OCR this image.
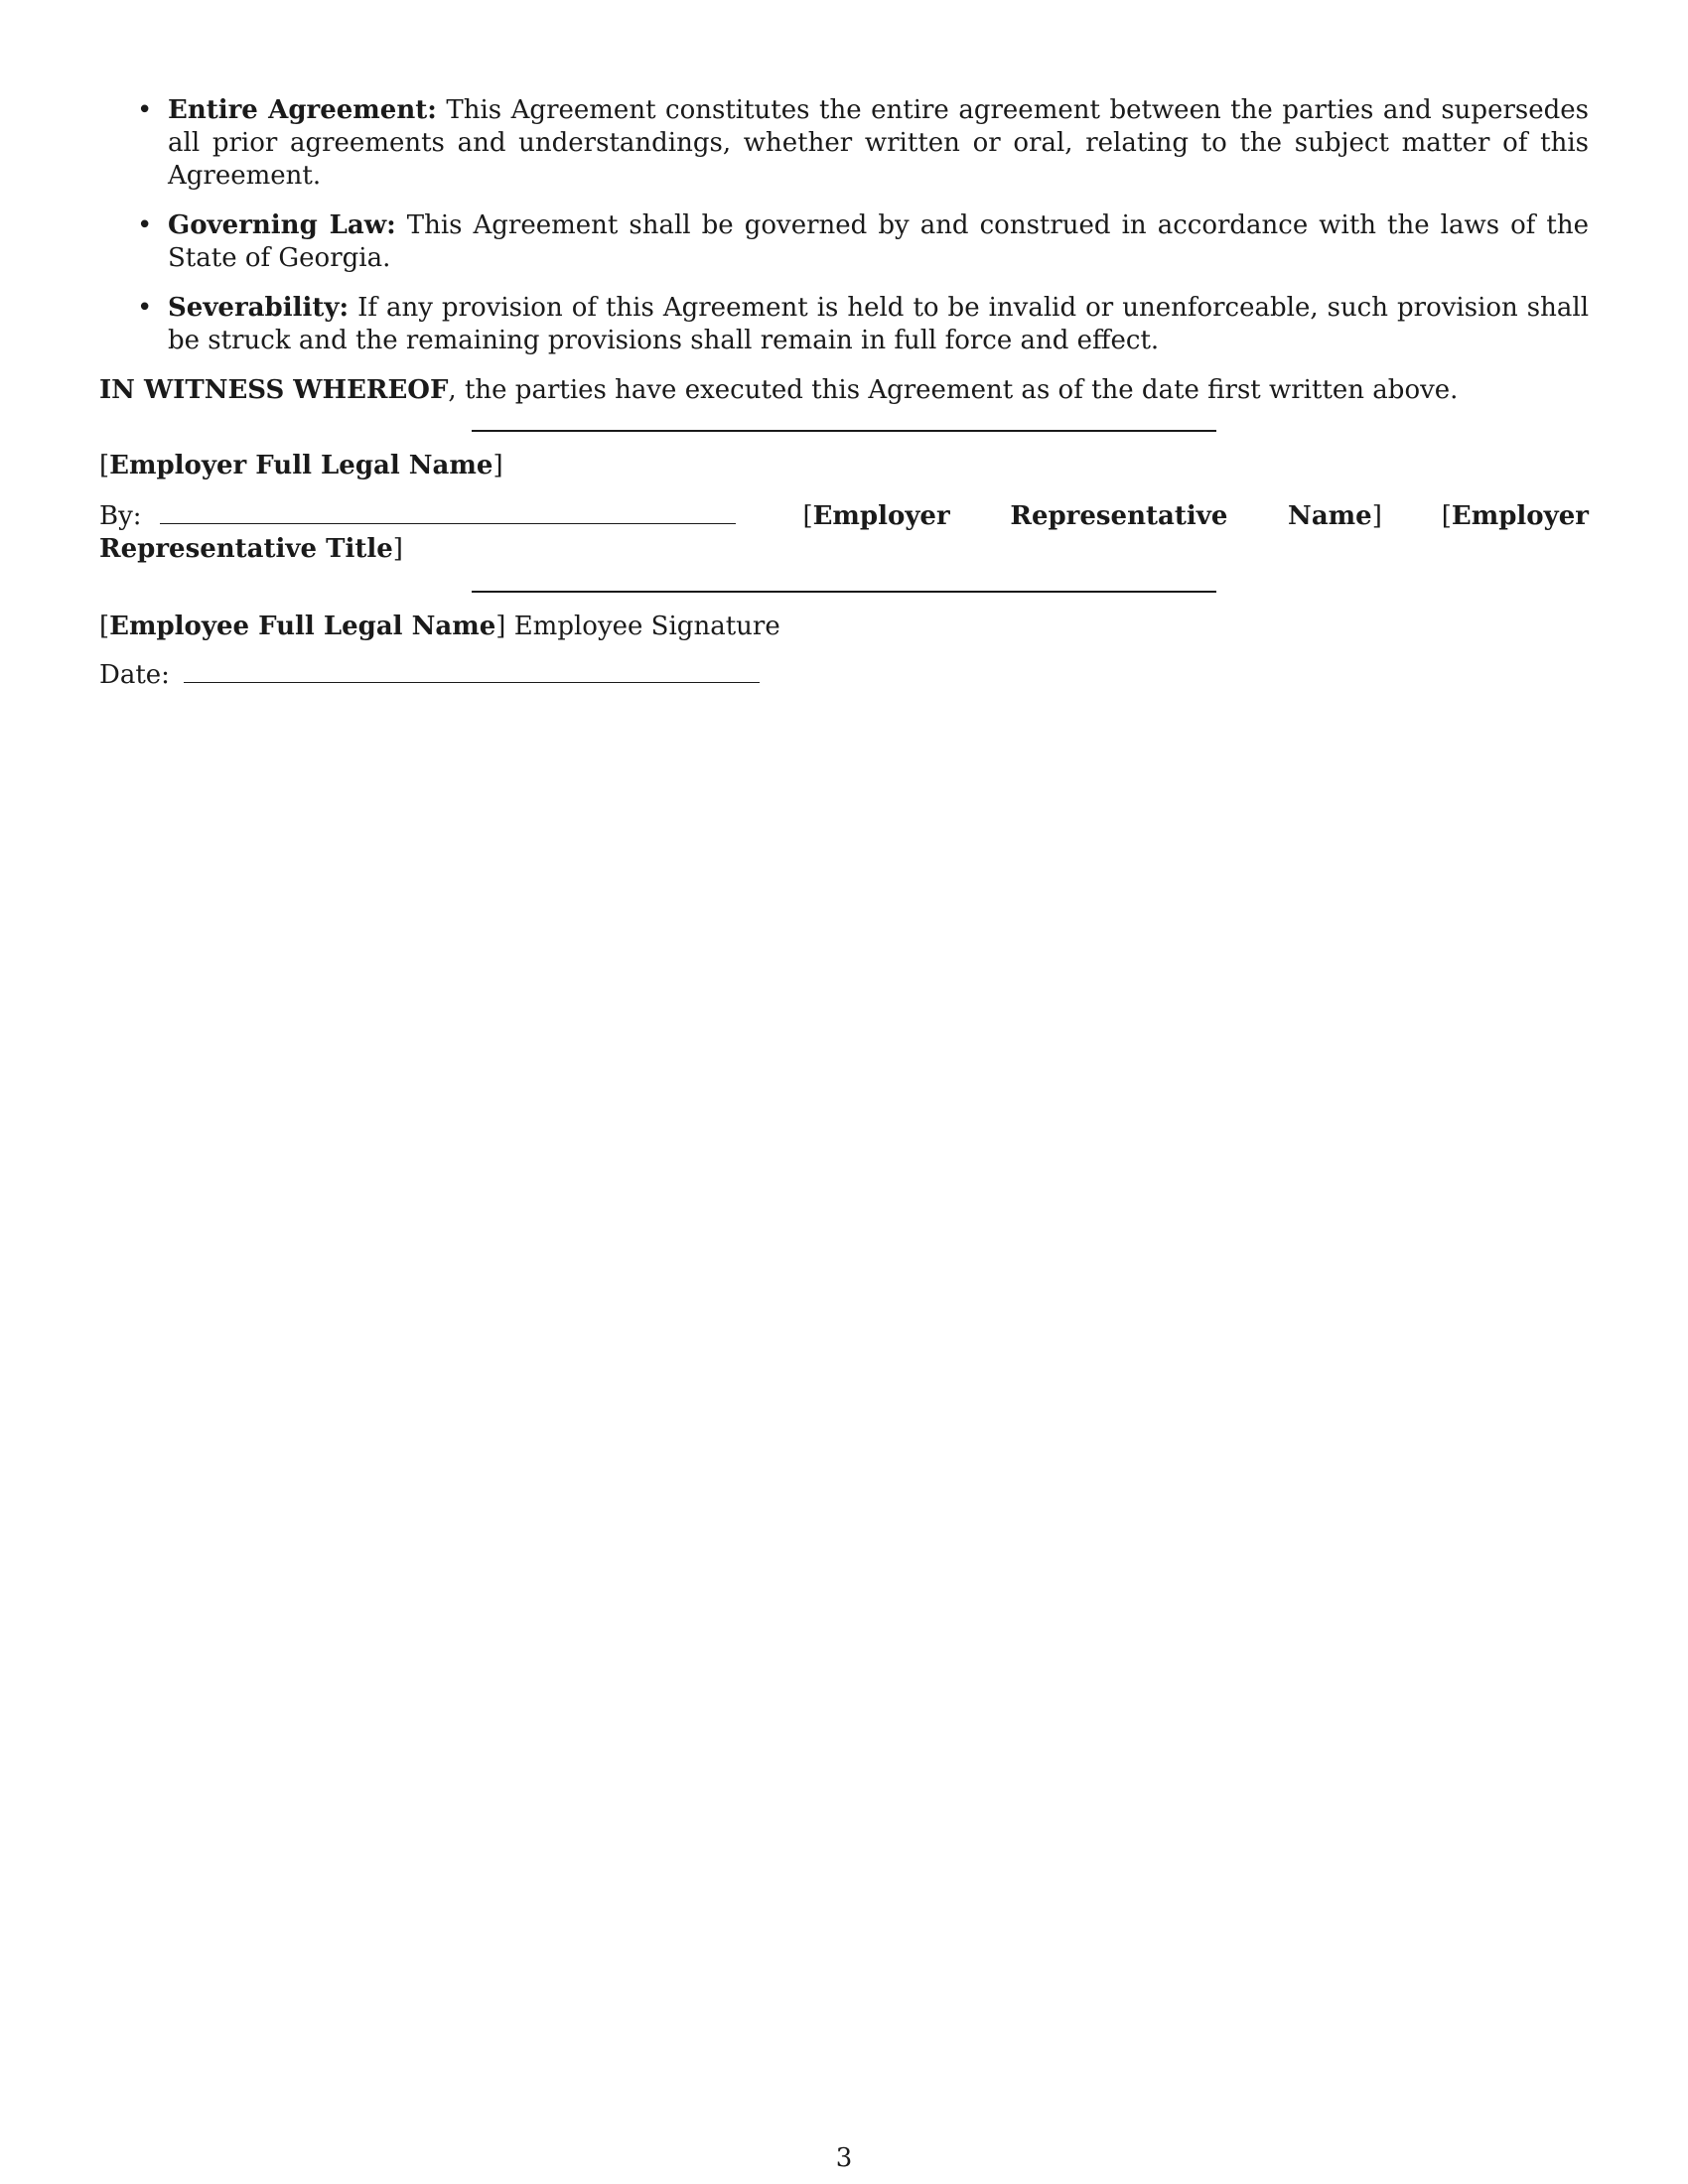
• Entire Agreement: This Agreement constitutes the entire agreement between the parties and supersedes all prior agreements and understandings, whether written or oral, relating to the subject matter of this Agreement.
• Governing Law: This Agreement shall be governed by and construed in accordance with the laws of the State of Georgia.
• Severability: If any provision of this Agreement is held to be invalid or unenforceable, such provision shall be struck and the remaining provisions shall remain in full force and effect.

IN WITNESS WHEREOF, the parties have executed this Agreement as of the date first written above.

[Employer Full Legal Name]

By:	[Employer Representative Name] [Employer Representative Title]

[Employee Full Legal Name] Employee Signature

Date:

3
